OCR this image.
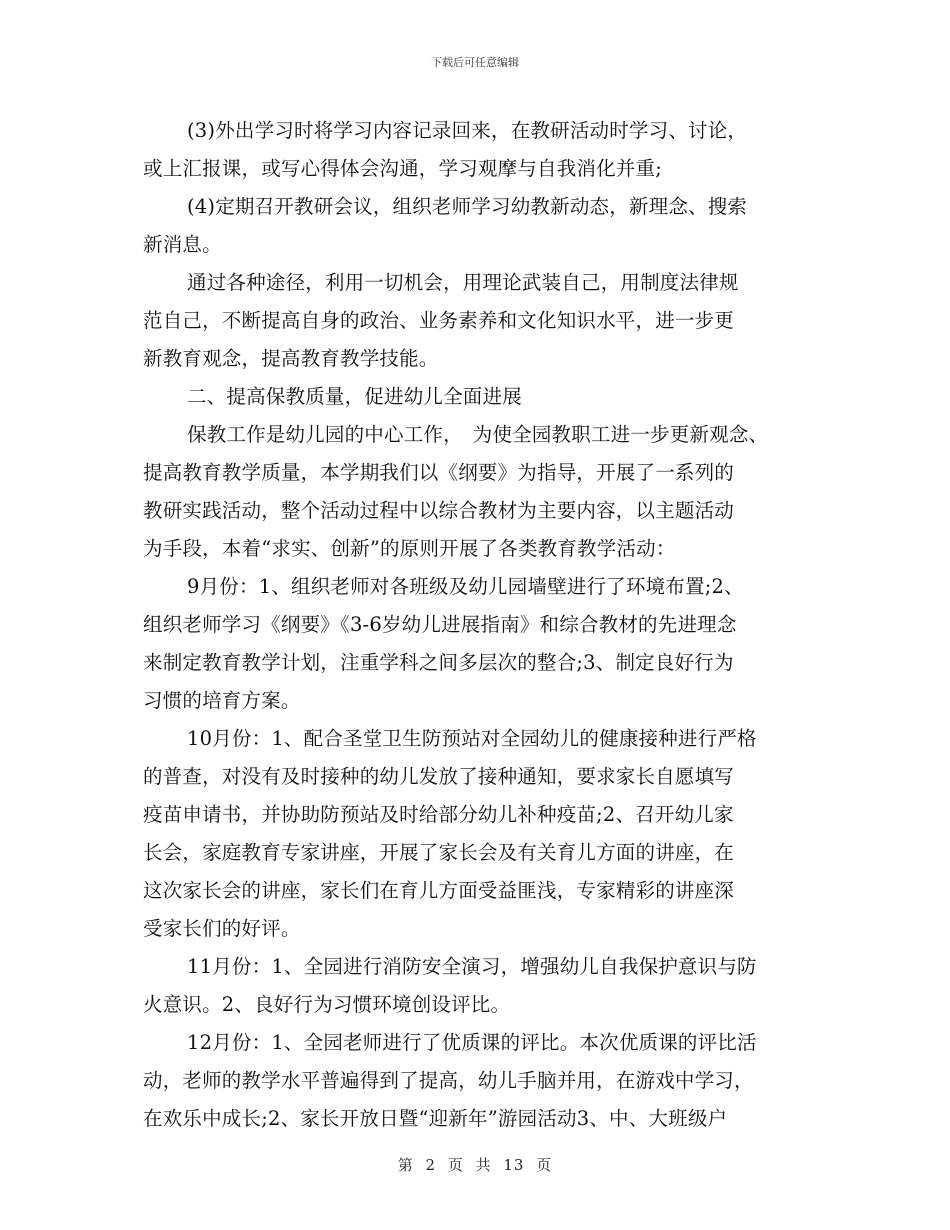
下载后可任意编辑
(3)外出学习时将学习内容记录回来，在教研活动时学习、讨论，
或上汇报课，或写心得体会沟通，学习观摩与自我消化并重;
(4)定期召开教研会议，组织老师学习幼教新动态，新理念、搜索
新消息。
通过各种途径，利用一切机会，用理论武装自己，用制度法律规
范自己，不断提高自身的政治、业务素养和文化知识水平，进一步更
新教育观念，提高教育教学技能。
二、提高保教质量，促进幼儿全面进展
保教工作是幼儿园的中心工作，　为使全园教职工进一步更新观念、
提高教育教学质量，本学期我们以《纲要》为指导，开展了一系列的
教研实践活动，整个活动过程中以综合教材为主要内容，以主题活动
为手段，本着“求实、创新”的原则开展了各类教育教学活动：
9月份：1、组织老师对各班级及幼儿园墙壁进行了环境布置;2、
组织老师学习《纲要》《3-6岁幼儿进展指南》和综合教材的先进理念
来制定教育教学计划，注重学科之间多层次的整合;3、制定良好行为
习惯的培育方案。
10月份：1、配合圣堂卫生防预站对全园幼儿的健康接种进行严格
的普查，对没有及时接种的幼儿发放了接种通知，要求家长自愿填写
疫苗申请书，并协助防预站及时给部分幼儿补种疫苗;2、召开幼儿家
长会，家庭教育专家讲座，开展了家长会及有关育儿方面的讲座，在
这次家长会的讲座，家长们在育儿方面受益匪浅，专家精彩的讲座深
受家长们的好评。
11月份：1、全园进行消防安全演习，增强幼儿自我保护意识与防
火意识。2、良好行为习惯环境创设评比。
12月份：1、全园老师进行了优质课的评比。本次优质课的评比活
动，老师的教学水平普遍得到了提高，幼儿手脑并用，在游戏中学习，
在欢乐中成长;2、家长开放日暨“迎新年”游园活动3、中、大班级户
第 2 页 共 13 页
